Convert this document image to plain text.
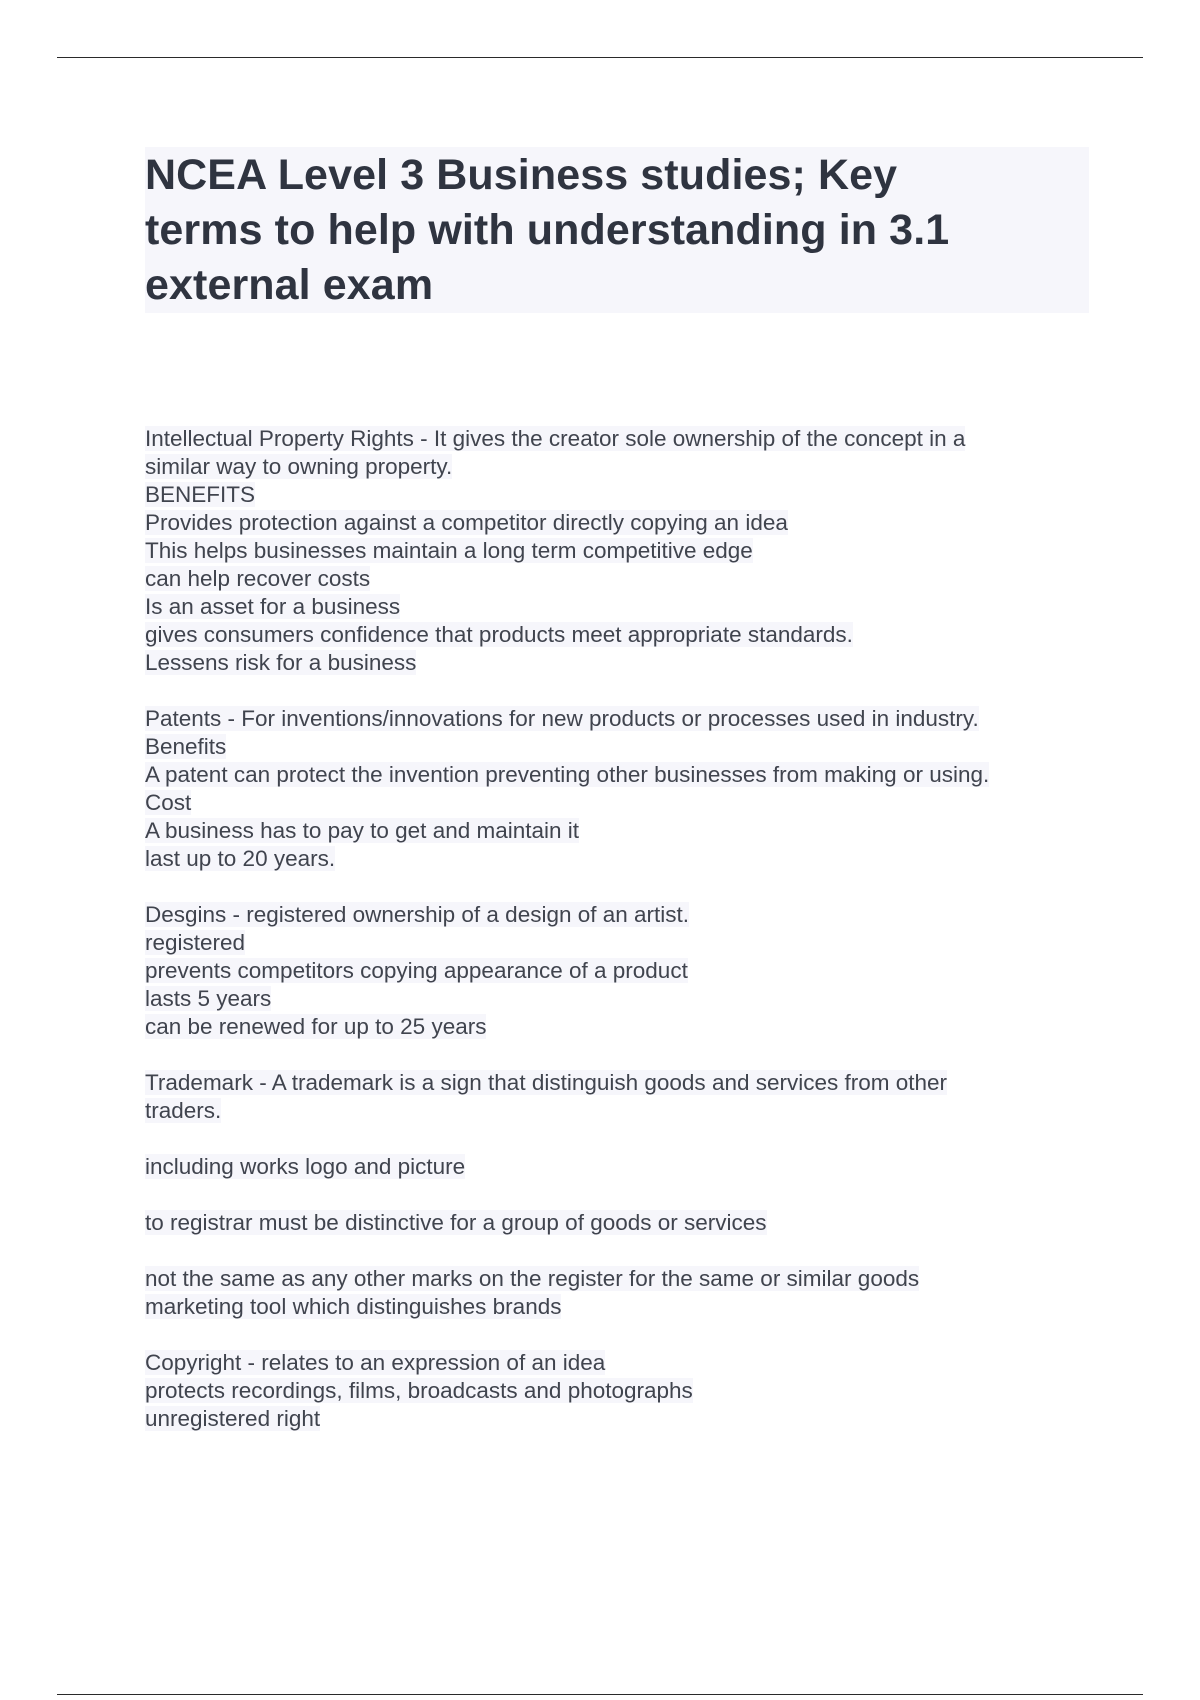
NCEA Level 3 Business studies; Key
terms to help with understanding in 3.1
external exam
Intellectual Property Rights - It gives the creator sole ownership of the concept in a
similar way to owning property.
BENEFITS
Provides protection against a competitor directly copying an idea
This helps businesses maintain a long term competitive edge
can help recover costs
Is an asset for a business
gives consumers confidence that products meet appropriate standards.
Lessens risk for a business
Patents - For inventions/innovations for new products or processes used in industry.
Benefits
A patent can protect the invention preventing other businesses from making or using.
Cost
A business has to pay to get and maintain it
last up to 20 years.
Desgins - registered ownership of a design of an artist.
registered
prevents competitors copying appearance of a product
lasts 5 years
can be renewed for up to 25 years
Trademark - A trademark is a sign that distinguish goods and services from other
traders.
including works logo and picture
to registrar must be distinctive for a group of goods or services
not the same as any other marks on the register for the same or similar goods
marketing tool which distinguishes brands
Copyright - relates to an expression of an idea
protects recordings, films, broadcasts and photographs
unregistered right
